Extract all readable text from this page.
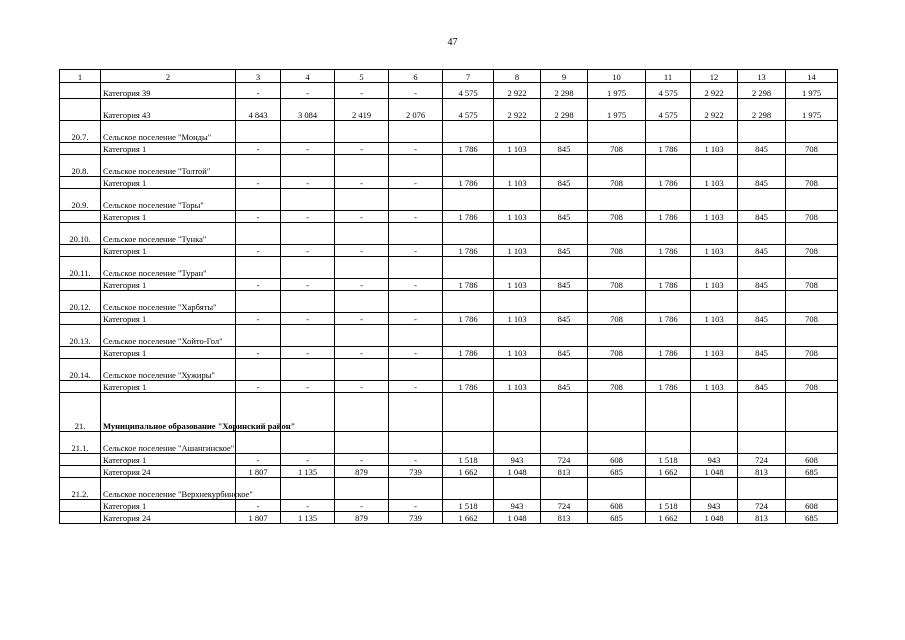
47
1	2	3	4	5	6	7	8	9	10	11	12	13	14
	Категория 39	-	-	-	-	4 575	2 922	2 298	1 975	4 575	2 922	2 298	1 975
	Категория 43	4 843	3 084	2 419	2 076	4 575	2 922	2 298	1 975	4 575	2 922	2 298	1 975
20.7.	Сельское поселение "Монды"												
	Категория 1	-	-	-	-	1 786	1 103	845	708	1 786	1 103	845	708
20.8.	Сельское поселение "Толтой"												
	Категория 1	-	-	-	-	1 786	1 103	845	708	1 786	1 103	845	708
20.9.	Сельское поселение "Торы"												
	Категория 1	-	-	-	-	1 786	1 103	845	708	1 786	1 103	845	708
20.10.	Сельское поселение "Тунка"												
	Категория 1	-	-	-	-	1 786	1 103	845	708	1 786	1 103	845	708
20.11.	Сельское поселение "Туран"												
	Категория 1	-	-	-	-	1 786	1 103	845	708	1 786	1 103	845	708
20.12.	Сельское поселение "Харбяты"												
	Категория 1	-	-	-	-	1 786	1 103	845	708	1 786	1 103	845	708
20.13.	Сельское поселение "Хойто-Гол"												
	Категория 1	-	-	-	-	1 786	1 103	845	708	1 786	1 103	845	708
20.14.	Сельское поселение "Хужиры"												
	Категория 1	-	-	-	-	1 786	1 103	845	708	1 786	1 103	845	708
21.	Муниципальное образование "Хоринский район"												
21.1.	Сельское поселение "Ашангинское"												
	Категория 1	-	-	-	-	1 518	943	724	608	1 518	943	724	608
	Категория 24	1 807	1 135	879	739	1 662	1 048	813	685	1 662	1 048	813	685
21.2.	Сельское поселение "Верхнекурбинское"												
	Категория 1	-	-	-	-	1 518	943	724	608	1 518	943	724	608
	Категория 24	1 807	1 135	879	739	1 662	1 048	813	685	1 662	1 048	813	685
